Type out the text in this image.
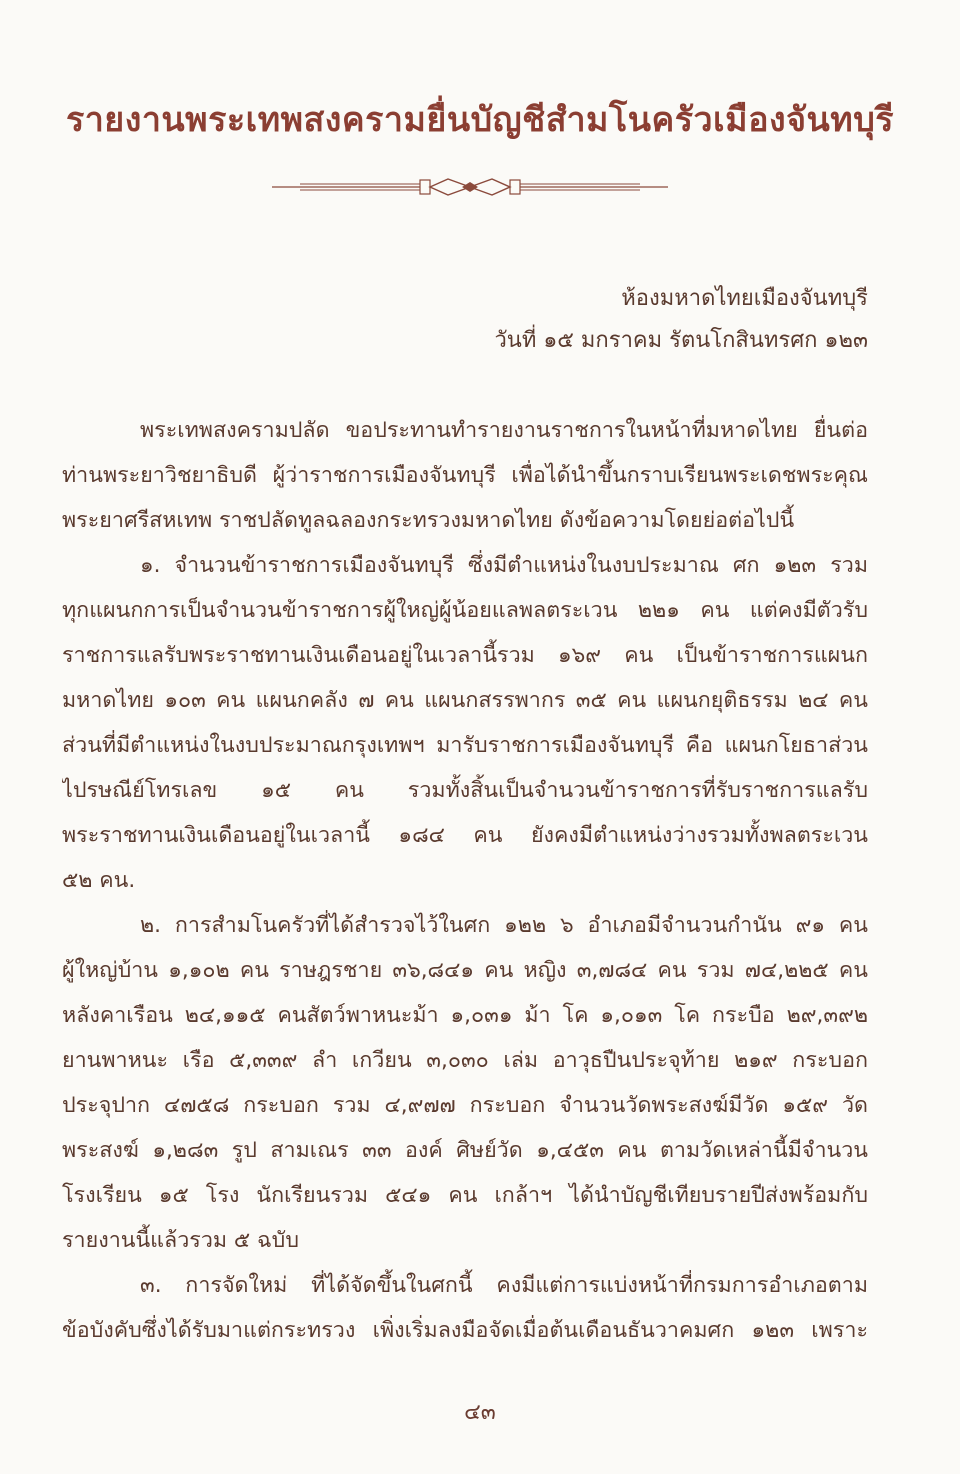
รายงานพระเทพสงครามยื่นบัญชีสำมโนครัวเมืองจันทบุรี
ห้องมหาดไทยเมืองจันทบุรี
วันที่ ๑๕ มกราคม รัตนโกสินทรศก ๑๒๓
พระเทพสงครามปลัด ขอประทานทำรายงานราชการในหน้าที่มหาดไทย ยื่นต่อ
ท่านพระยาวิชยาธิบดี ผู้ว่าราชการเมืองจันทบุรี เพื่อได้นำขึ้นกราบเรียนพระเดชพระคุณ
พระยาศรีสหเทพ ราชปลัดทูลฉลองกระทรวงมหาดไทย ดังข้อความโดยย่อต่อไปนี้
๑. จำนวนข้าราชการเมืองจันทบุรี ซึ่งมีตำแหน่งในงบประมาณ ศก ๑๒๓ รวม
ทุกแผนกการเป็นจำนวนข้าราชการผู้ใหญ่ผู้น้อยแลพลตระเวน ๒๒๑ คน แต่คงมีตัวรับ
ราชการแลรับพระราชทานเงินเดือนอยู่ในเวลานี้รวม ๑๖๙ คน เป็นข้าราชการแผนก
มหาดไทย ๑๐๓ คน แผนกคลัง ๗ คน แผนกสรรพากร ๓๕ คน แผนกยุติธรรม ๒๔ คน
ส่วนที่มีตำแหน่งในงบประมาณกรุงเทพฯ มารับราชการเมืองจันทบุรี คือ แผนกโยธาส่วน
ไปรษณีย์โทรเลข ๑๕ คน รวมทั้งสิ้นเป็นจำนวนข้าราชการที่รับราชการแลรับ
พระราชทานเงินเดือนอยู่ในเวลานี้ ๑๘๔ คน ยังคงมีตำแหน่งว่างรวมทั้งพลตระเวน
๕๒ คน.
๒. การสำมโนครัวที่ได้สำรวจไว้ในศก ๑๒๒ ๖ อำเภอมีจำนวนกำนัน ๙๑ คน
ผู้ใหญ่บ้าน ๑,๑๐๒ คน ราษฎรชาย ๓๖,๘๔๑ คน หญิง ๓,๗๘๔ คน รวม ๗๔,๒๒๕ คน
หลังคาเรือน ๒๔,๑๑๕ คนสัตว์พาหนะม้า ๑,๐๓๑ ม้า โค ๑,๐๑๓ โค กระบือ ๒๙,๓๙๒
ยานพาหนะ เรือ ๕,๓๓๙ ลำ เกวียน ๓,๐๓๐ เล่ม อาวุธปืนประจุท้าย ๒๑๙ กระบอก
ประจุปาก ๔๗๕๘ กระบอก รวม ๔,๙๗๗ กระบอก จำนวนวัดพระสงฆ์มีวัด ๑๕๙ วัด
พระสงฆ์ ๑,๒๘๓ รูป สามเณร ๓๓ องค์ ศิษย์วัด ๑,๔๕๓ คน ตามวัดเหล่านี้มีจำนวน
โรงเรียน ๑๕ โรง นักเรียนรวม ๕๔๑ คน เกล้าฯ ได้นำบัญชีเทียบรายปีส่งพร้อมกับ
รายงานนี้แล้วรวม ๕ ฉบับ
๓. การจัดใหม่ ที่ได้จัดขึ้นในศกนี้ คงมีแต่การแบ่งหน้าที่กรมการอำเภอตาม
ข้อบังคับซึ่งได้รับมาแต่กระทรวง เพิ่งเริ่มลงมือจัดเมื่อต้นเดือนธันวาคมศก ๑๒๓ เพราะ
๔๓
